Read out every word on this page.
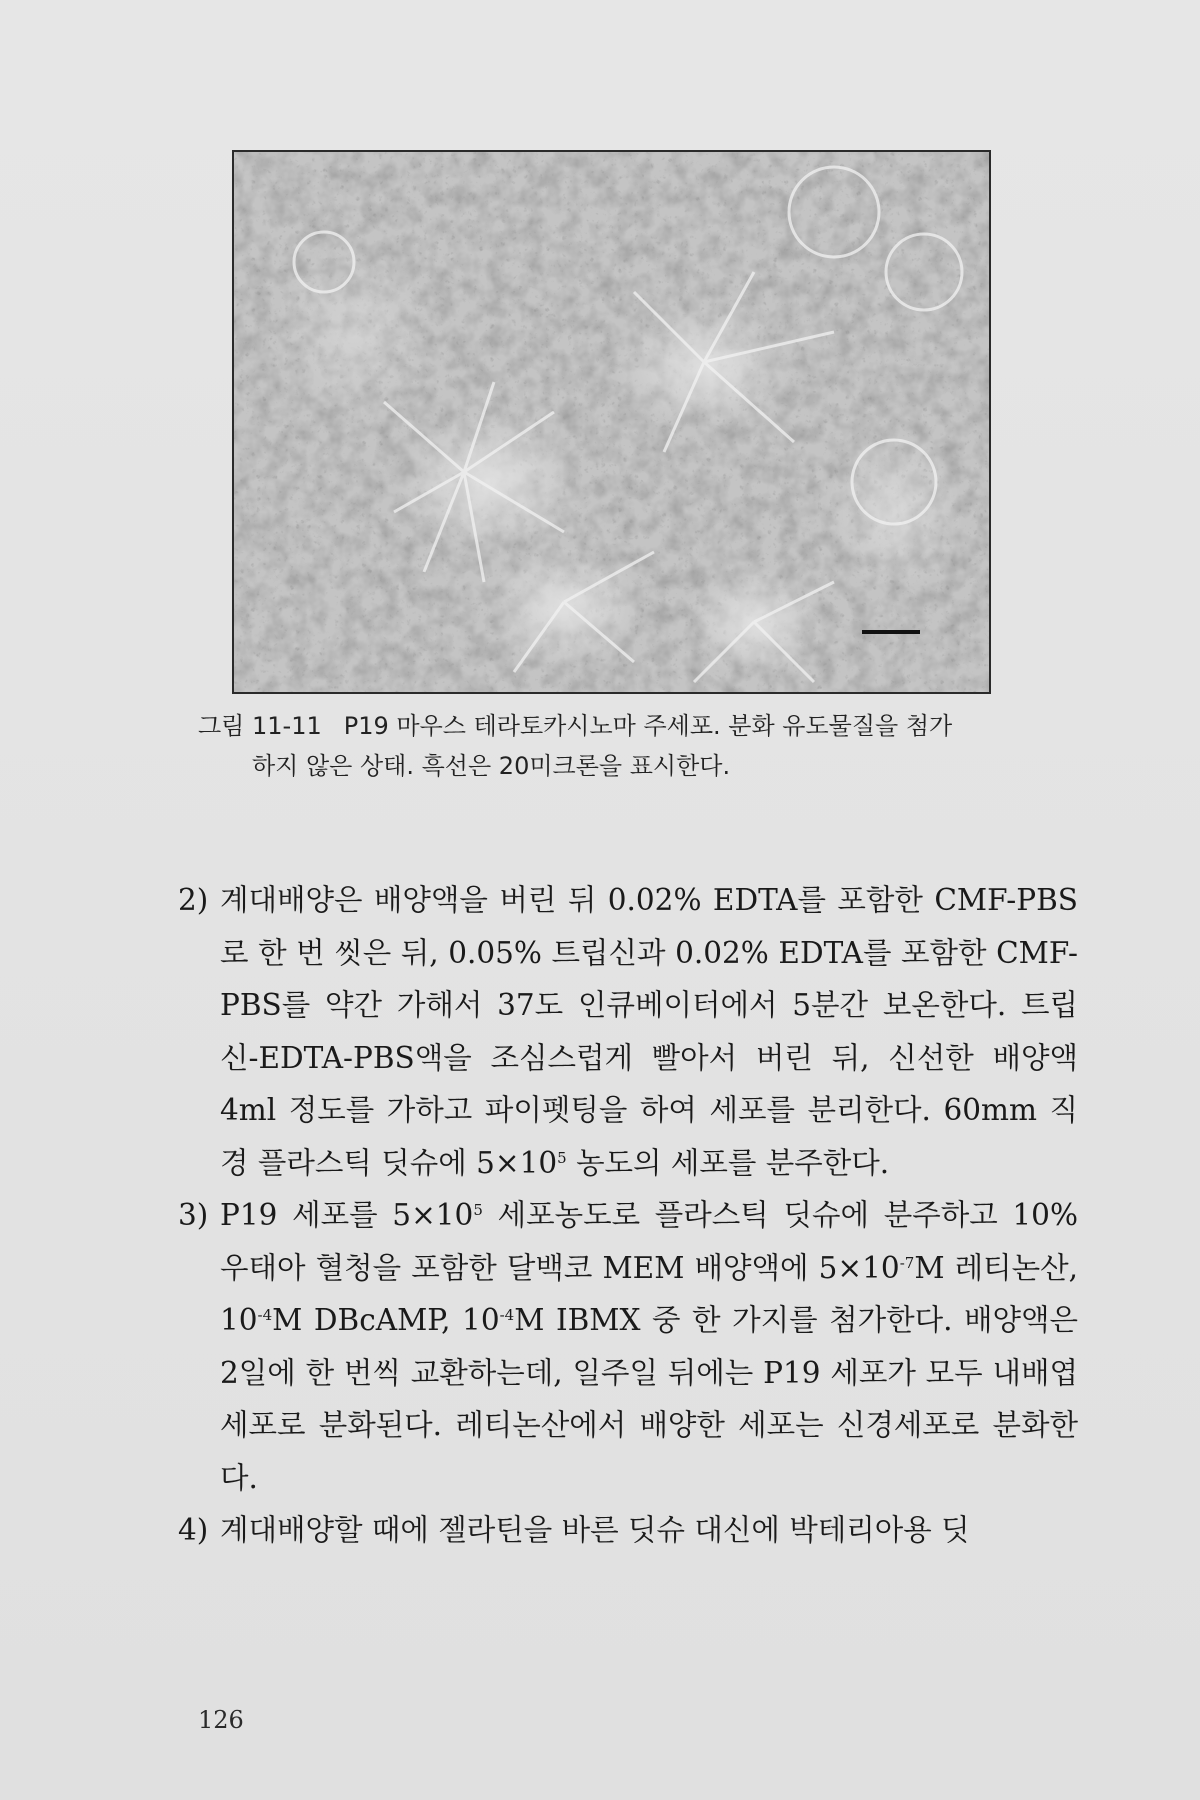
그림 11-11 P19 마우스 테라토카시노마 주세포. 분화 유도물질을 첨가
하지 않은 상태. 흑선은 20미크론을 표시한다.
2) 계대배양은 배양액을 버린 뒤 0.02% EDTA를 포함한 CMF-PBS로 한 번 씻은 뒤, 0.05% 트립신과 0.02% EDTA를 포함한 CMF-PBS를 약간 가해서 37도 인큐베이터에서 5분간 보온한다. 트립신-EDTA-PBS액을 조심스럽게 빨아서 버린 뒤, 신선한 배양액 4ml 정도를 가하고 파이펫팅을 하여 세포를 분리한다. 60mm 직경 플라스틱 딧슈에 $5\times 10^5$ 농도의 세포를 분주한다.
3) P19 세포를 $5\times 10^5$ 세포농도로 플라스틱 딧슈에 분주하고 10% 우태아 혈청을 포함한 달백코 MEM 배양액에 $5\times 10^{-7}M$ 레티논산, $10^{-4}M$ DBcAMP, $10^{-4}M$ IBMX 중 한 가지를 첨가한다. 배양액은 2일에 한 번씩 교환하는데, 일주일 뒤에는 P19 세포가 모두 내배엽 세포로 분화된다. 레티논산에서 배양한 세포는 신경세포로 분화한다.
4) 계대배양할 때에 젤라틴을 바른 딧슈 대신에 박테리아용 딧
126
